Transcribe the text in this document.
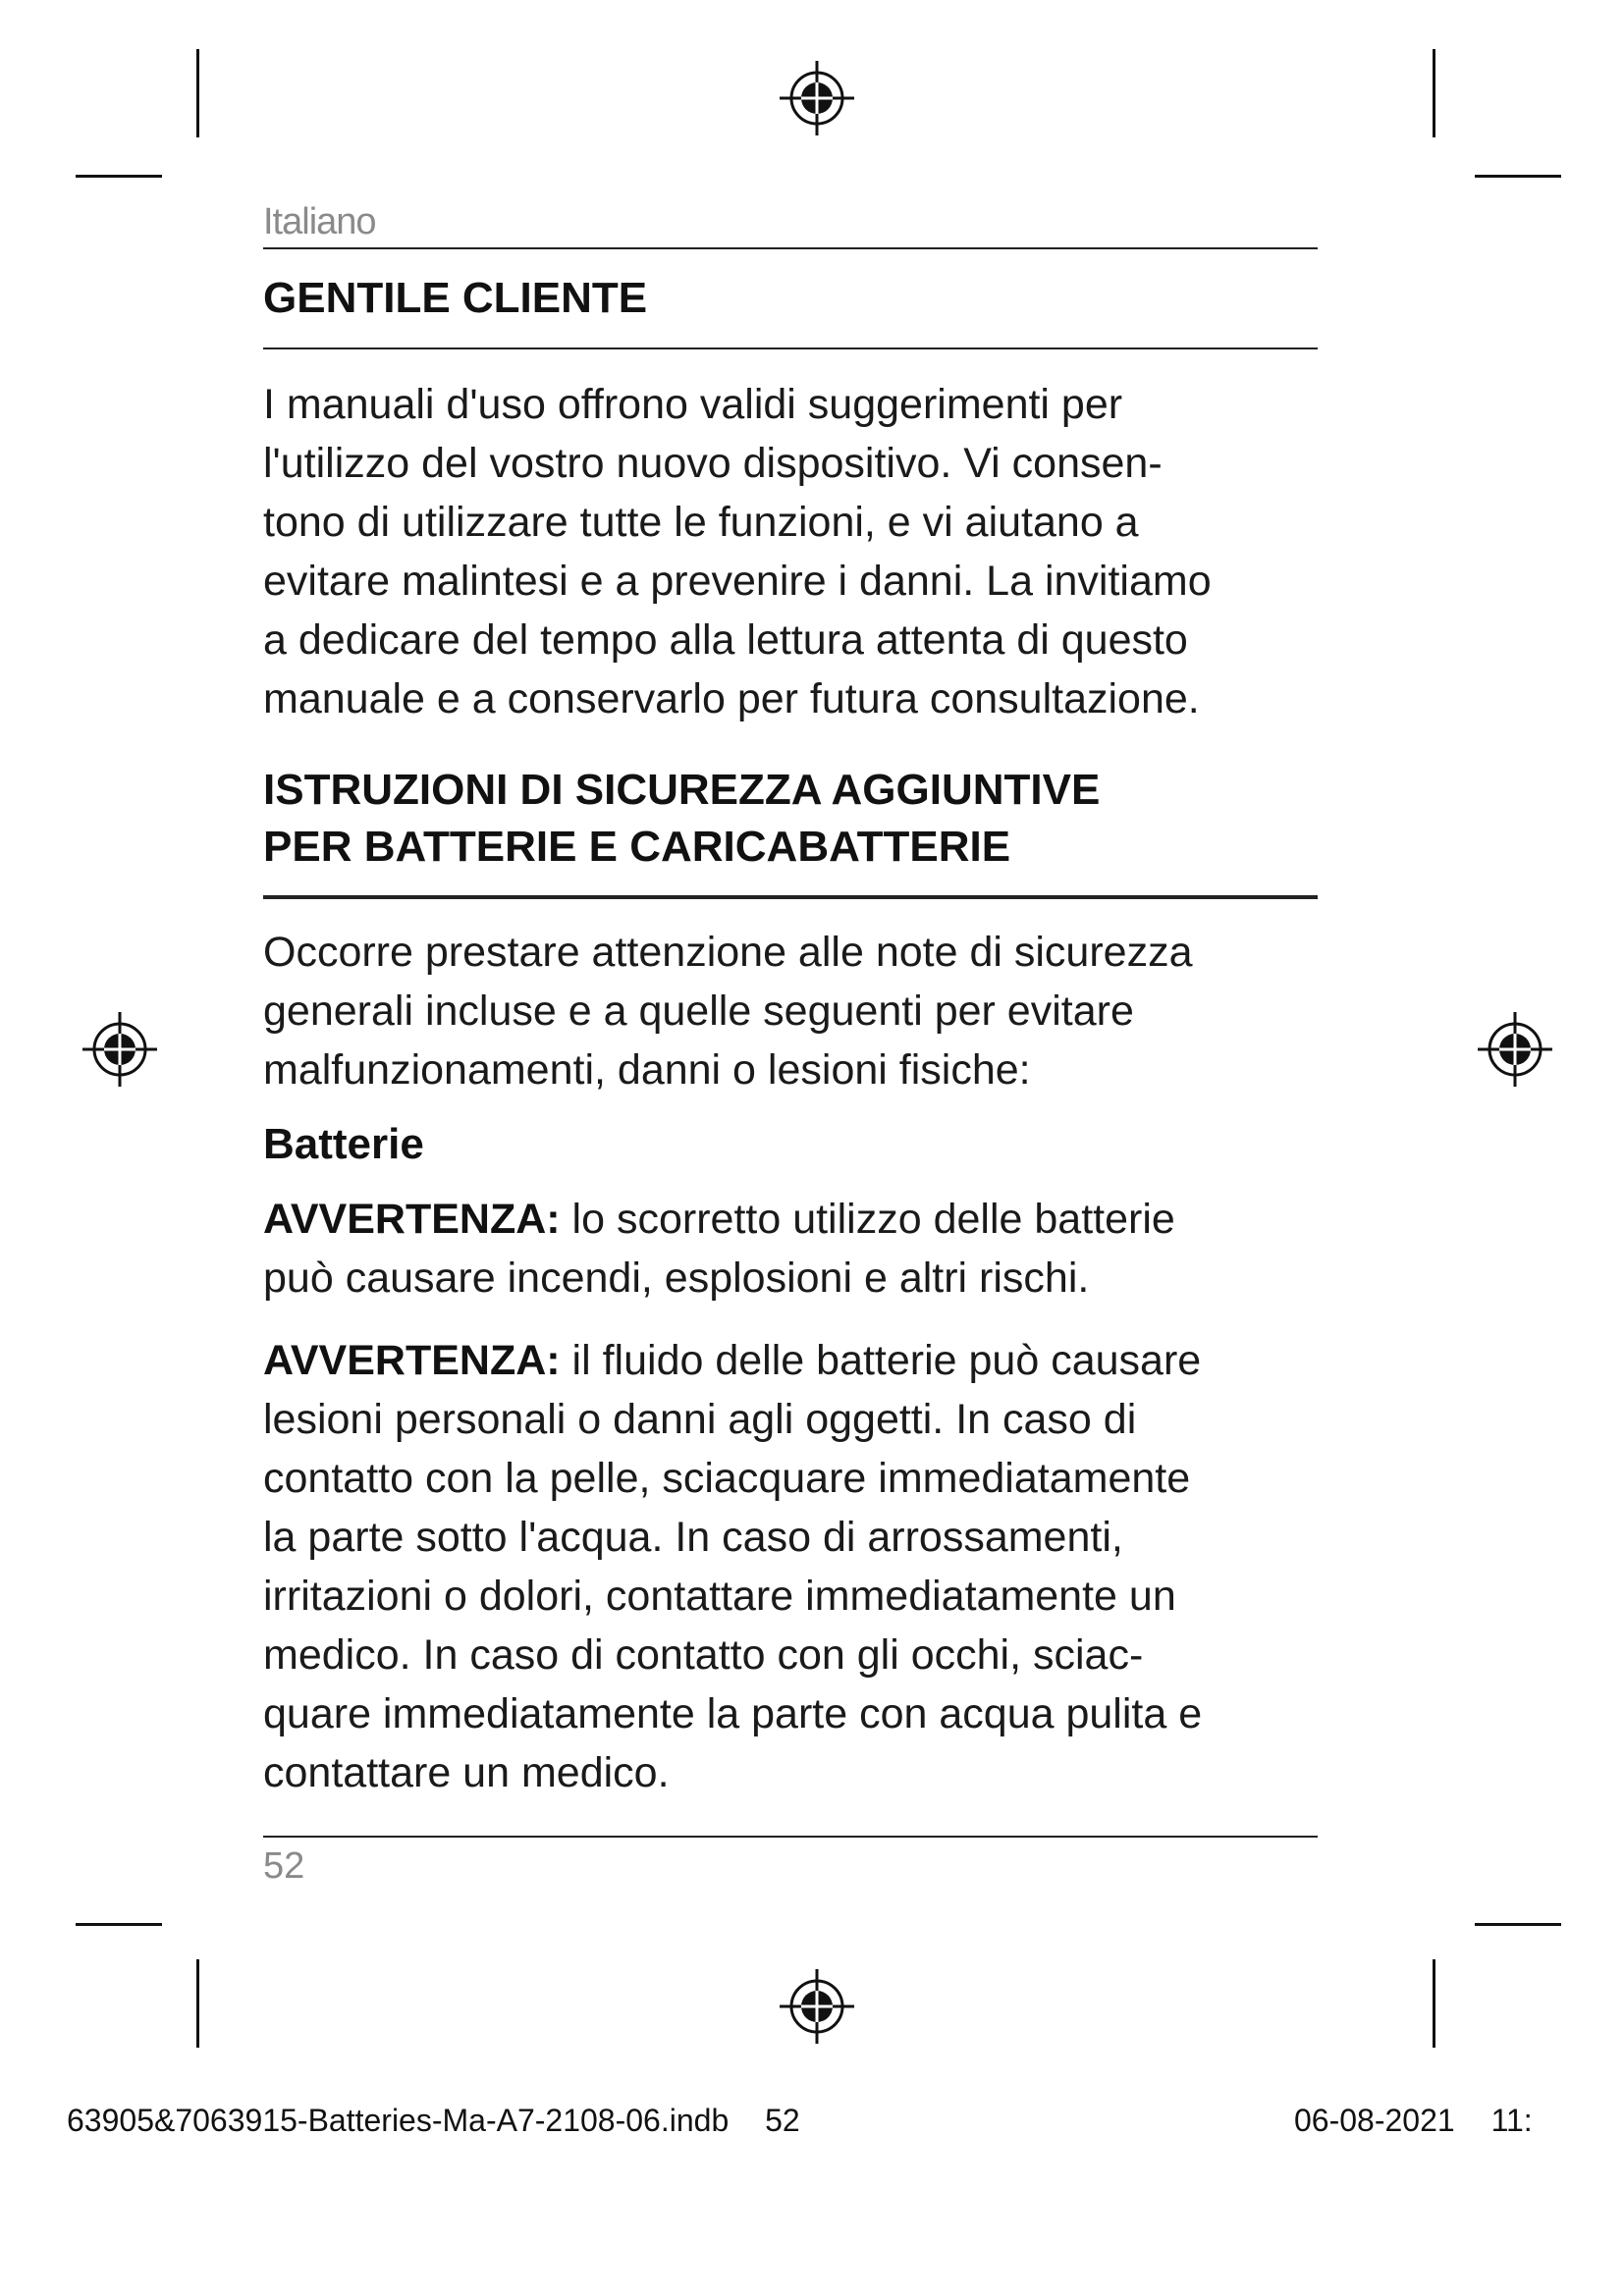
Italiano
GENTILE CLIENTE
I manuali d'uso offrono validi suggerimenti per
l'utilizzo del vostro nuovo dispositivo. Vi consen-
tono di utilizzare tutte le funzioni, e vi aiutano a
evitare malintesi e a prevenire i danni. La invitiamo
a dedicare del tempo alla lettura attenta di questo
manuale e a conservarlo per futura consultazione.
ISTRUZIONI DI SICUREZZA AGGIUNTIVE
PER BATTERIE E CARICABATTERIE
Occorre prestare attenzione alle note di sicurezza
generali incluse e a quelle seguenti per evitare
malfunzionamenti, danni o lesioni fisiche:
Batterie
AVVERTENZA: lo scorretto utilizzo delle batterie
può causare incendi, esplosioni e altri rischi.
AVVERTENZA: il fluido delle batterie può causare
lesioni personali o danni agli oggetti. In caso di
contatto con la pelle, sciacquare immediatamente
la parte sotto l'acqua. In caso di arrossamenti,
irritazioni o dolori, contattare immediatamente un
medico. In caso di contatto con gli occhi, sciac-
quare immediatamente la parte con acqua pulita e
contattare un medico.
52
63905&7063915-Batteries-Ma-A7-2108-06.indb 52	06-08-2021 11:
